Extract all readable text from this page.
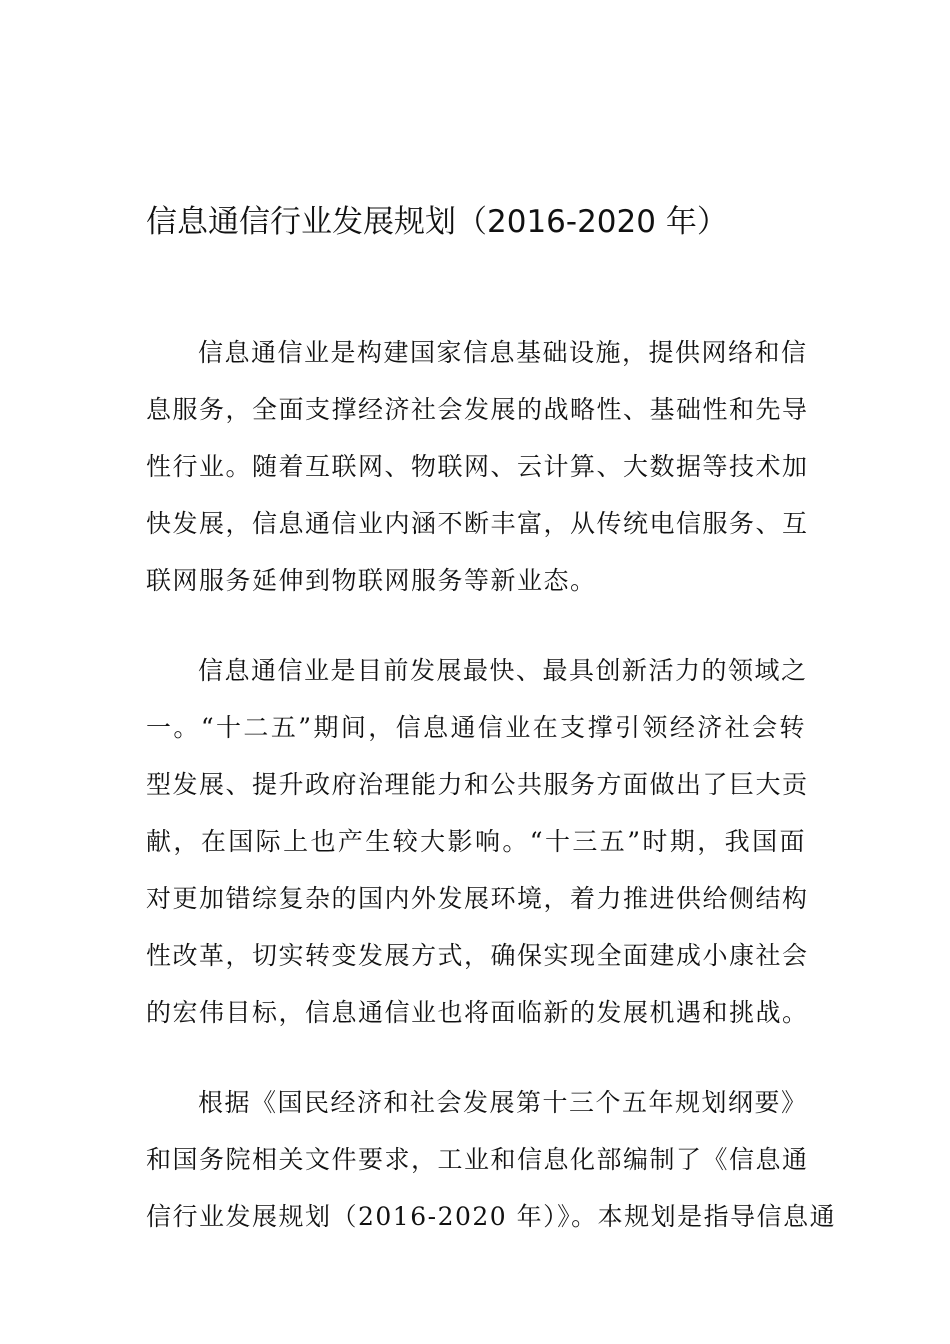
信息通信行业发展规划（2016-2020 年）
信息通信业是构建国家信息基础设施，提供网络和信
息服务，全面支撑经济社会发展的战略性、基础性和先导
性行业。随着互联网、物联网、云计算、大数据等技术加
快发展，信息通信业内涵不断丰富，从传统电信服务、互
联网服务延伸到物联网服务等新业态。
信息通信业是目前发展最快、最具创新活力的领域之
一。“十二五”期间，信息通信业在支撑引领经济社会转
型发展、提升政府治理能力和公共服务方面做出了巨大贡
献，在国际上也产生较大影响。“十三五”时期，我国面
对更加错综复杂的国内外发展环境，着力推进供给侧结构
性改革，切实转变发展方式，确保实现全面建成小康社会
的宏伟目标，信息通信业也将面临新的发展机遇和挑战。
根据《国民经济和社会发展第十三个五年规划纲要》
和国务院相关文件要求，工业和信息化部编制了《信息通
信行业发展规划（2016-2020 年）》。本规划是指导信息通
